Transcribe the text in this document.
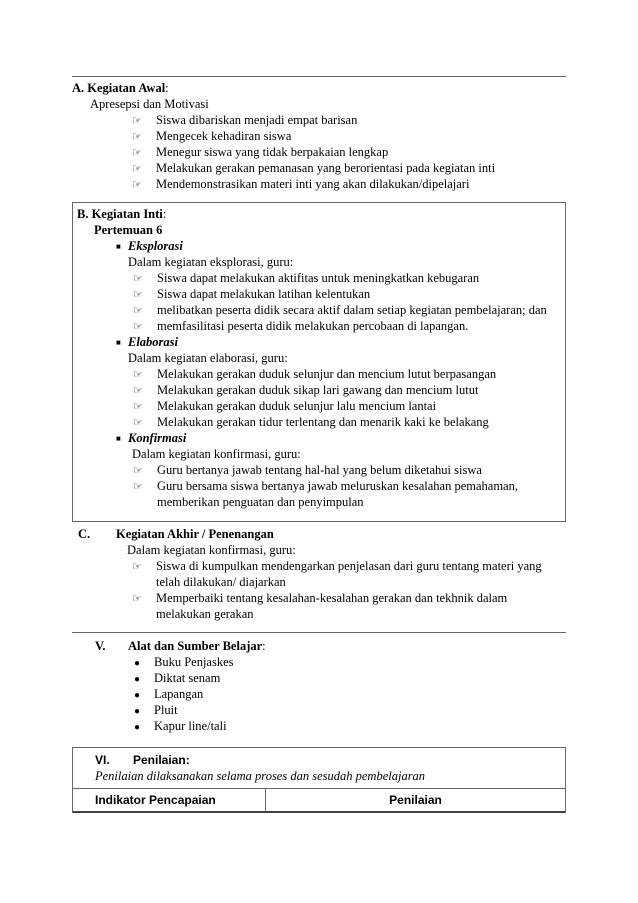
A. Kegiatan Awal:
Apresepsi dan Motivasi
☞ Siswa dibariskan menjadi empat barisan
☞ Mengecek kehadiran siswa
☞ Menegur siswa yang tidak berpakaian lengkap
☞ Melakukan gerakan pemanasan yang berorientasi pada kegiatan inti
☞ Mendemonstrasikan materi inti yang akan dilakukan/dipelajari
B. Kegiatan Inti:
Pertemuan 6
■ Eksplorasi
Dalam kegiatan eksplorasi, guru:
☞ Siswa dapat melakukan aktifitas untuk meningkatkan kebugaran
☞ Siswa dapat melakukan latihan kelentukan
☞ melibatkan peserta didik secara aktif dalam setiap kegiatan pembelajaran; dan
☞ memfasilitasi peserta didik melakukan percobaan di lapangan.
■ Elaborasi
Dalam kegiatan elaborasi, guru:
☞ Melakukan gerakan duduk selunjur dan mencium lutut berpasangan
☞ Melakukan gerakan duduk sikap lari gawang dan mencium lutut
☞ Melakukan gerakan duduk selunjur lalu mencium lantai
☞ Melakukan gerakan tidur terlentang dan menarik kaki ke belakang
■ Konfirmasi
Dalam kegiatan konfirmasi, guru:
☞ Guru bertanya jawab tentang hal-hal yang belum diketahui siswa
☞ Guru bersama siswa bertanya jawab meluruskan kesalahan pemahaman,
memberikan penguatan dan penyimpulan
C. Kegiatan Akhir / Penenangan
Dalam kegiatan konfirmasi, guru:
☞ Siswa di kumpulkan mendengarkan penjelasan dari guru tentang materi yang
telah dilakukan/ diajarkan
☞ Memperbaiki tentang kesalahan-kesalahan gerakan dan tekhnik dalam
melakukan gerakan
V. Alat dan Sumber Belajar:
● Buku Penjaskes
● Diktat senam
● Lapangan
● Pluit
● Kapur line/tali
VI. Penilaian:
Penilaian dilaksanakan selama proses dan sesudah pembelajaran
Indikator Pencapaian	Penilaian
